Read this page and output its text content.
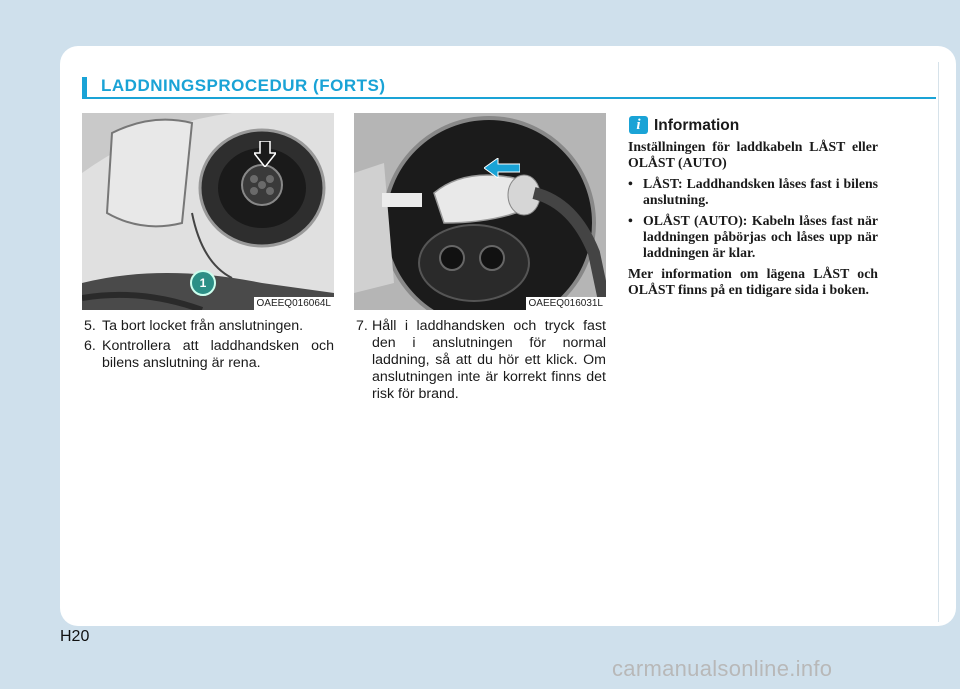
LADDNINGSPROCEDUR (FORTS)
1
OAEEQ016064L	OAEEQ016031L
5. Ta bort locket från anslutningen.
6. Kontrollera att laddhandsken och bilens anslutning är rena.
7. Håll i laddhandsken och tryck fast den i anslutningen för normal laddning, så att du hör ett klick. Om anslutningen inte är korrekt finns det risk för brand.
i Information

Inställningen för laddkabeln LÅST eller OLÅST (AUTO)

• LÅST: Laddhandsken låses fast i bilens anslutning.

• OLÅST (AUTO): Kabeln låses fast när laddningen påbörjas och låses upp när laddningen är klar.

Mer information om lägena LÅST och OLÅST finns på en tidigare sida i boken.

H20
carmanualsonline.info
